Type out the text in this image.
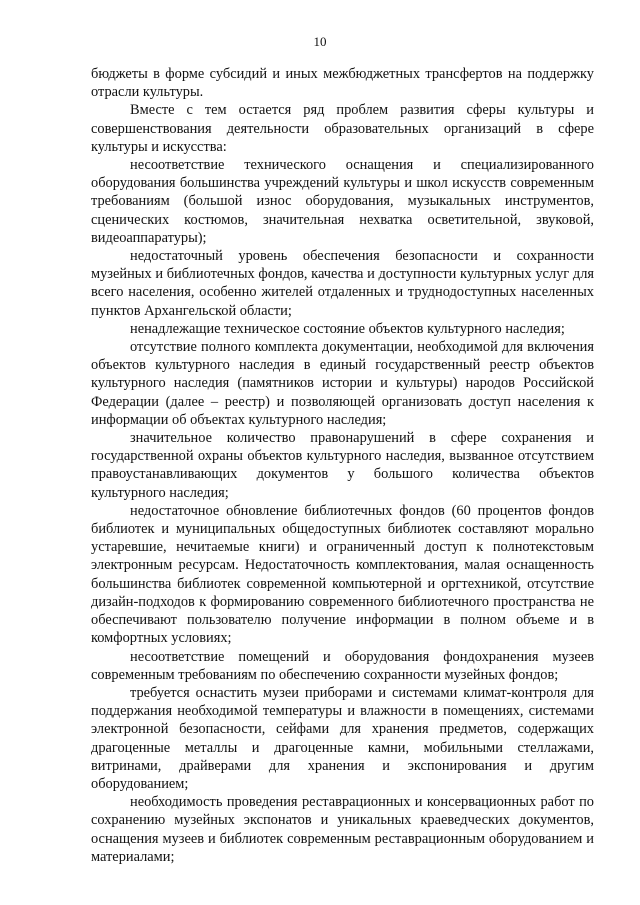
10

бюджеты в форме субсидий и иных межбюджетных трансфертов на поддержку отрасли культуры.

Вместе с тем остается ряд проблем развития сферы культуры и совершенствования деятельности образовательных организаций в сфере культуры и искусства:

несоответствие технического оснащения и специализированного оборудования большинства учреждений культуры и школ искусств современным требованиям (большой износ оборудования, музыкальных инструментов, сценических костюмов, значительная нехватка осветительной, звуковой, видеоаппаратуры);

недостаточный уровень обеспечения безопасности и сохранности музейных и библиотечных фондов, качества и доступности культурных услуг для всего населения, особенно жителей отдаленных и труднодоступных населенных пунктов Архангельской области;

ненадлежащие техническое состояние объектов культурного наследия;

отсутствие полного комплекта документации, необходимой для включения объектов культурного наследия в единый государственный реестр объектов культурного наследия (памятников истории и культуры) народов Российской Федерации (далее – реестр) и позволяющей организовать доступ населения к информации об объектах культурного наследия;

значительное количество правонарушений в сфере сохранения и государственной охраны объектов культурного наследия, вызванное отсутствием правоустанавливающих документов у большого количества объектов культурного наследия;

недостаточное обновление библиотечных фондов (60 процентов фондов библиотек и муниципальных общедоступных библиотек составляют морально устаревшие, нечитаемые книги) и ограниченный доступ к полнотекстовым электронным ресурсам. Недостаточность комплектования, малая оснащенность большинства библиотек современной компьютерной и оргтехникой, отсутствие дизайн-подходов к формированию современного библиотечного пространства не обеспечивают пользователю получение информации в полном объеме и в комфортных условиях;

несоответствие помещений и оборудования фондохранения музеев современным требованиям по обеспечению сохранности музейных фондов;

требуется оснастить музеи приборами и системами климат-контроля для поддержания необходимой температуры и влажности в помещениях, системами электронной безопасности, сейфами для хранения предметов, содержащих драгоценные металлы и драгоценные камни, мобильными стеллажами, витринами, драйверами для хранения и экспонирования и другим оборудованием;

необходимость проведения реставрационных и консервационных работ по сохранению музейных экспонатов и уникальных краеведческих документов, оснащения музеев и библиотек современным реставрационным оборудованием и материалами;
